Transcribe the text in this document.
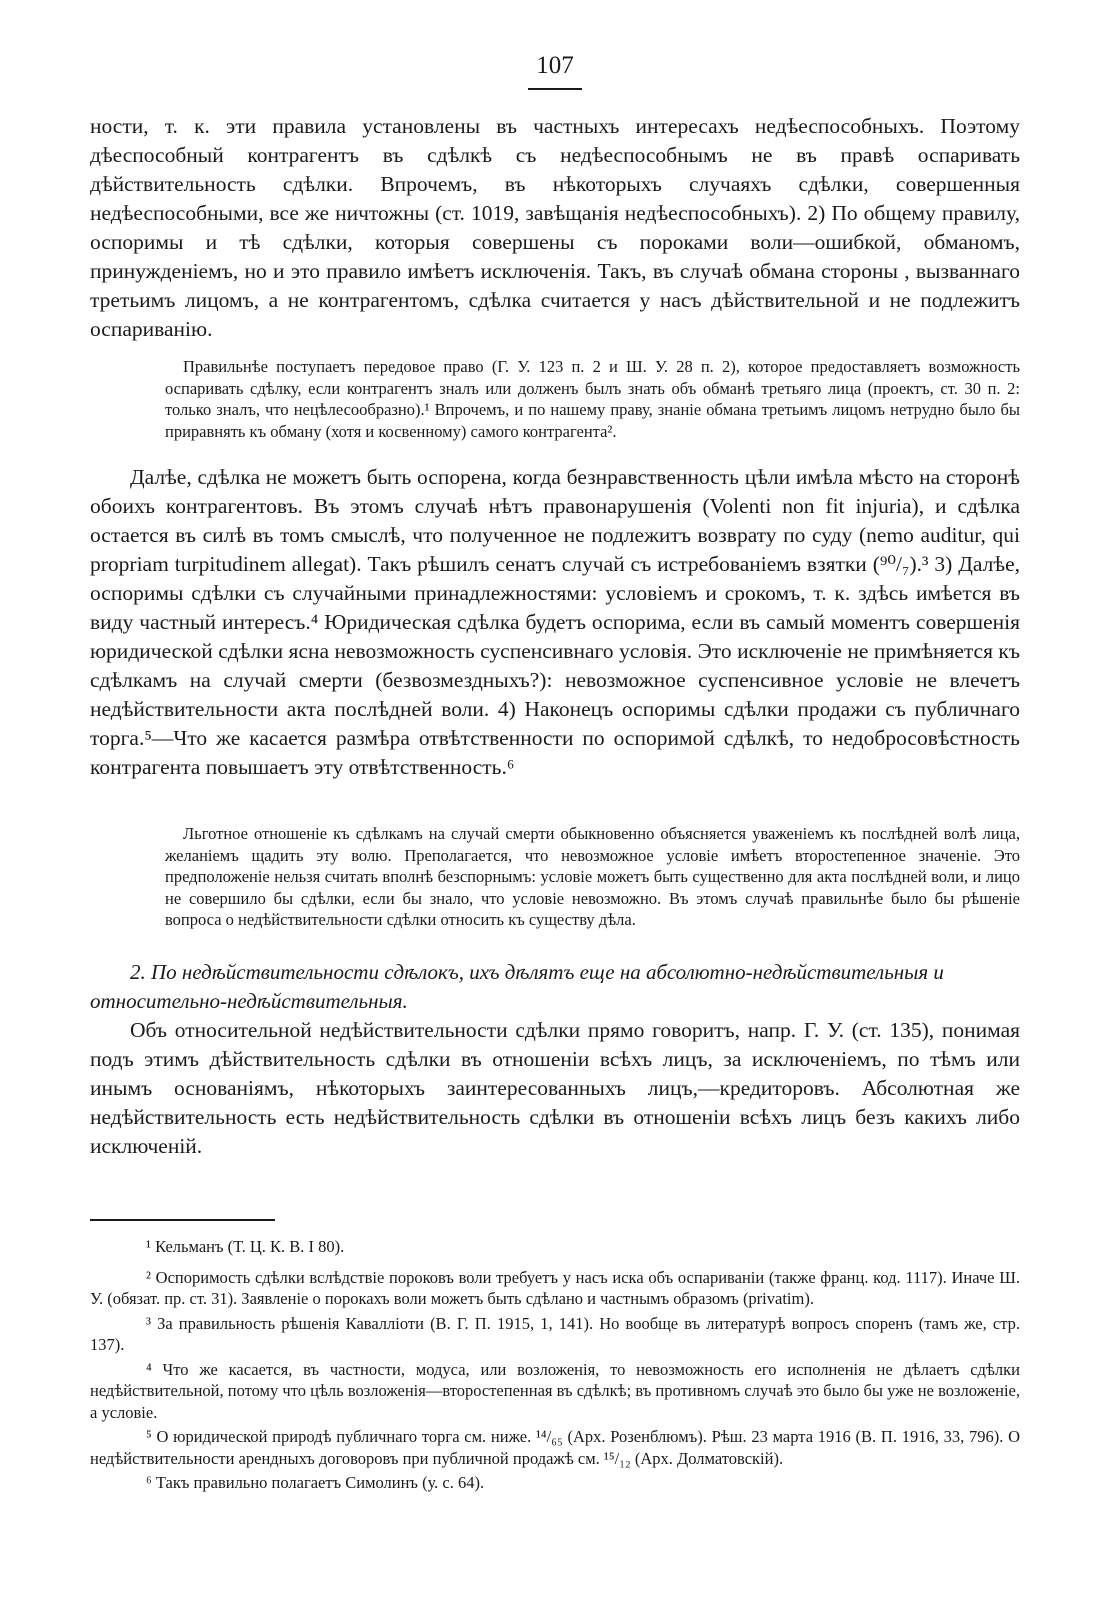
107

ности, т. к. эти правила установлены въ частныхъ интересахъ недѣеспособныхъ. Поэтому дѣеспособный контрагентъ въ сдѣлкѣ съ недѣеспособнымъ не въ правѣ оспаривать дѣйствительность сдѣлки. Впрочемъ, въ нѣкоторыхъ случаяхъ сдѣлки, совершенныя недѣеспособными, все же ничтожны (ст. 1019, завѣщанія недѣеспособныхъ). 2) По общему правилу, оспоримы и тѣ сдѣлки, которыя совершены съ пороками воли—ошибкой, обманомъ, принужденіемъ, но и это правило имѣетъ исключенія. Такъ, въ случаѣ обмана стороны , вызваннаго третьимъ лицомъ, а не контрагентомъ, сдѣлка считается у насъ дѣйствительной и не подлежитъ оспариванію.

Правильнѣе поступаетъ передовое право (Г. У. 123 п. 2 и Ш. У. 28 п. 2), которое предоставляетъ возможность оспаривать сдѣлку, если контрагентъ зналъ или долженъ былъ знать объ обманѣ третьяго лица (проектъ, ст. 30 п. 2: только зналъ, что нецѣлесообразно).¹ Впрочемъ, и по нашему праву, знаніе обмана третьимъ лицомъ нетрудно было бы приравнять къ обману (хотя и косвенному) самого контрагента².

Далѣе, сдѣлка не можетъ быть оспорена, когда безнравственность цѣли имѣла мѣсто на сторонѣ обоихъ контрагентовъ. Въ этомъ случаѣ нѣтъ правонарушенія (Volenti non fit injuria), и сдѣлка остается въ силѣ въ томъ смыслѣ, что полученное не подлежитъ возврату по суду (nemo auditur, qui propriam turpitudinem allegat). Такъ рѣшилъ сенатъ случай съ истребованіемъ взятки (⁹⁰/₇).³ 3) Далѣе, оспоримы сдѣлки съ случайными принадлежностями: условіемъ и срокомъ, т. к. здѣсь имѣется въ виду частный интересъ.⁴ Юридическая сдѣлка будетъ оспорима, если въ самый моментъ совершенія юридической сдѣлки ясна невозможность суспенсивнаго условія. Это исключеніе не примѣняется къ сдѣлкамъ на случай смерти (безвозмездныхъ?): невозможное суспенсивное условіе не влечетъ недѣйствительности акта послѣдней воли. 4) Наконецъ оспоримы сдѣлки продажи съ публичнаго торга.⁵—Что же касается размѣра отвѣтственности по оспоримой сдѣлкѣ, то недобросовѣстность контрагента повышаетъ эту отвѣтственность.⁶

Льготное отношеніе къ сдѣлкамъ на случай смерти обыкновенно объясняется уваженіемъ къ послѣдней волѣ лица, желаніемъ щадить эту волю. Преполагается, что невозможное условіе имѣетъ второстепенное значеніе. Это предположеніе нельзя считать вполнѣ безспорнымъ: условіе можетъ быть существенно для акта послѣдней воли, и лицо не совершило бы сдѣлки, если бы знало, что условіе невозможно. Въ этомъ случаѣ правильнѣе было бы рѣшеніе вопроса о недѣйствительности сдѣлки относить къ существу дѣла.

2. По недѣйствительности сдѣлокъ, ихъ дѣлятъ еще на абсолютно-недѣйствительныя и относительно-недѣйствительныя.

Объ относительной недѣйствительности сдѣлки прямо говоритъ, напр. Г. У. (ст. 135), понимая подъ этимъ дѣйствительность сдѣлки въ отношеніи всѣхъ лицъ, за исключеніемъ, по тѣмъ или инымъ основаніямъ, нѣкоторыхъ заинтересованныхъ лицъ,—кредиторовъ. Абсолютная же недѣйствительность есть недѣйствительность сдѣлки въ отношеніи всѣхъ лицъ безъ какихъ либо исключеній.

¹ Кельманъ (Т. Ц. К. В. I 80).

² Оспоримость сдѣлки вслѣдствіе пороковъ воли требуетъ у насъ иска объ оспариваніи (также франц. код. 1117). Иначе Ш. У. (обязат. пр. ст. 31). Заявленіе о порокахъ воли можетъ быть сдѣлано и частнымъ образомъ (privatim).

³ За правильность рѣшенія Каваллiоти (В. Г. П. 1915, 1, 141). Но вообще въ литературѣ вопросъ споренъ (тамъ же, стр. 137).

⁴ Что же касается, въ частности, модуса, или возложенія, то невозможность его исполненія не дѣлаетъ сдѣлки недѣйствительной, потому что цѣль возложенія—второстепенная въ сдѣлкѣ; въ противномъ случаѣ это было бы уже не возложеніе, а условіе.

⁵ О юридической природѣ публичнаго торга см. ниже. ¹⁴/₆₅ (Арх. Розенблюмъ). Рѣш. 23 марта 1916 (В. П. 1916, 33, 796). О недѣйствительности арендныхъ договоровъ при публичной продажѣ см. ¹⁵/₁₂ (Арх. Долматовскій).

⁶ Такъ правильно полагаетъ Симолинъ (у. с. 64).
